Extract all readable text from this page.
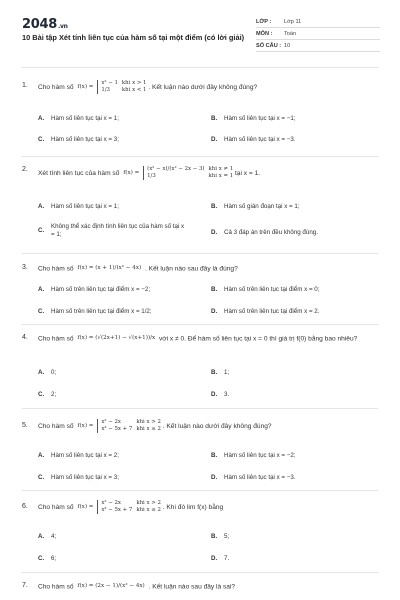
2048.vn
10 Bài tập Xét tính liên tục của hàm số tại một điểm (có lời giải)
LỚP :	Lớp 11
MÔN :	Toán
SỐ CÂU : 10
1. Cho hàm số f(x) =
x² − 1 khi x > 1
1/3	khi x < 1 . Kết luận nào dưới đây không đúng?
A. Hàm số liên tục tại x = 1;	B. Hàm số liên tục tại x = −1;
C. Hàm số liên tục tại x = 3;	D. Hàm số liên tục tại x = −3.
2.
Xét tính liên tục của hàm số f(x) =
(x² − x)/(x² − 2x − 3) khi x ≠ 1
1/3	khi x = 1 tại x = 1.
A. Hàm số liên tục tại x = 1;	B. Hàm số gián đoạn tại x = 1;
C.
Không thể xác định tính liên tục của hàm số tại x = 1;	D. Cả 3 đáp án trên đều không đúng.
3. Cho hàm số f(x) = (x + 1)/(x² − 4x) . Kết luận nào sau đây là đúng?
A. Hàm số trên liên tục tại điểm x = −2;	B. Hàm số trên liên tục tại điểm x = 0;
C. Hàm số trên liên tục tại điểm x = 1/2;	D. Hàm số trên liên tục tại điểm x = 2.
4. Cho hàm số f(x) = (√(2x+1) − √(x+1))/x với x ≠ 0. Để hàm số liên tục tại x = 0 thì giá trị f(0) bằng bao nhiêu?
A. 0;	B. 1;
C. 2;	D. 3.
5. Cho hàm số f(x) =
x² − 2x	khi x > 2
x³ − 5x + 7 khi x ≤ 2 . Kết luận nào dưới đây không đúng?
A. Hàm số liên tục tại x = 2;	B. Hàm số liên tục tại x = −2;
C. Hàm số liên tục tại x = 3;	D. Hàm số liên tục tại x = −3.
6. Cho hàm số f(x) =
x² − 2x	khi x > 2
x³ − 5x + 7 khi x ≤ 2 . Khi đó lim f(x) bằng
A. 4;	B. 5;
C. 6;	D. 7.
7. Cho hàm số f(x) = (2x − 1)/(x² − 4x) . Kết luận nào sau đây là sai?
